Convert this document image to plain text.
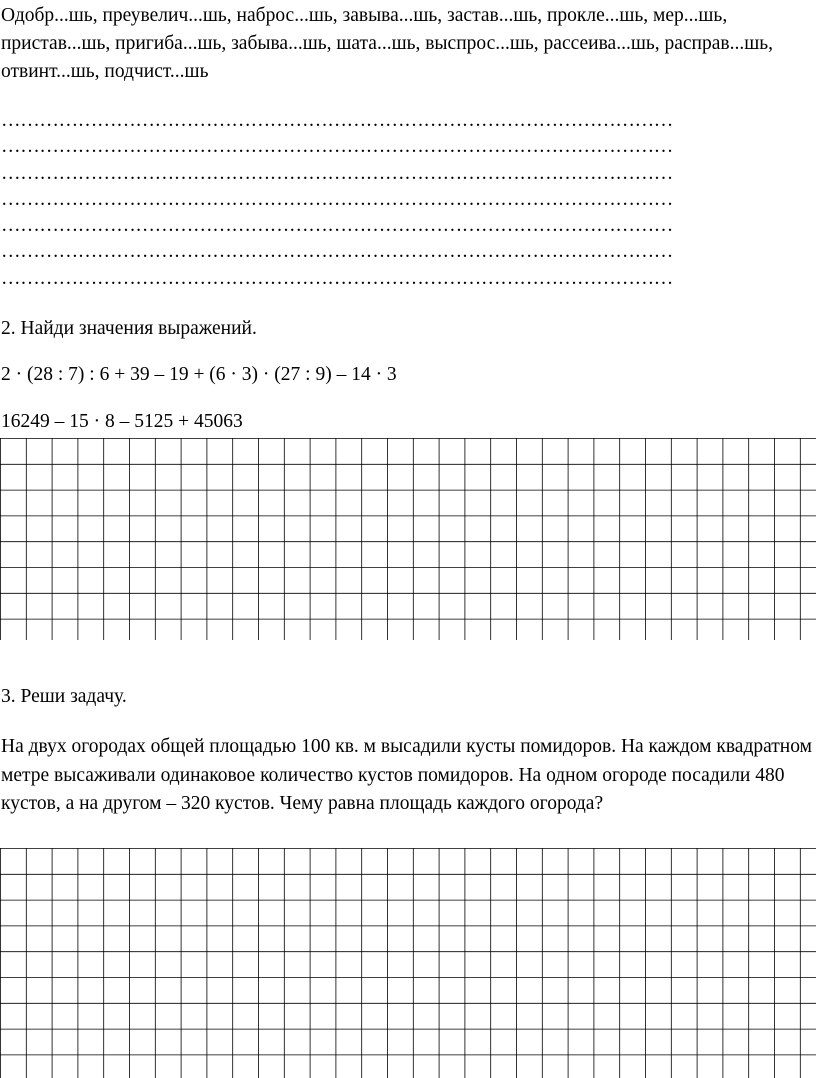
Одобр...шь, преувелич...шь, наброс...шь, завыва...шь, застав...шь, прокле...шь, мер...шь, пристав...шь, пригиба...шь, забыва...шь, шата...шь, выспрос...шь, рассеива...шь, расправ...шь, отвинт...шь, подчист...шь

……………………………………………………………………………………………
……………………………………………………………………………………………
……………………………………………………………………………………………
……………………………………………………………………………………………
……………………………………………………………………………………………
……………………………………………………………………………………………
……………………………………………………………………………………………

2. Найди значения выражений.

2 · (28 : 7) : 6 + 39 – 19 + (6 · 3) · (27 : 9) – 14 · 3

16249 – 15 · 8 – 5125 + 45063

3. Реши задачу.

На двух огородах общей площадью 100 кв. м высадили кусты помидоров. На каждом квадратном метре высаживали одинаковое количество кустов помидоров. На одном огороде посадили 480 кустов, а на другом – 320 кустов. Чему равна площадь каждого огорода?
